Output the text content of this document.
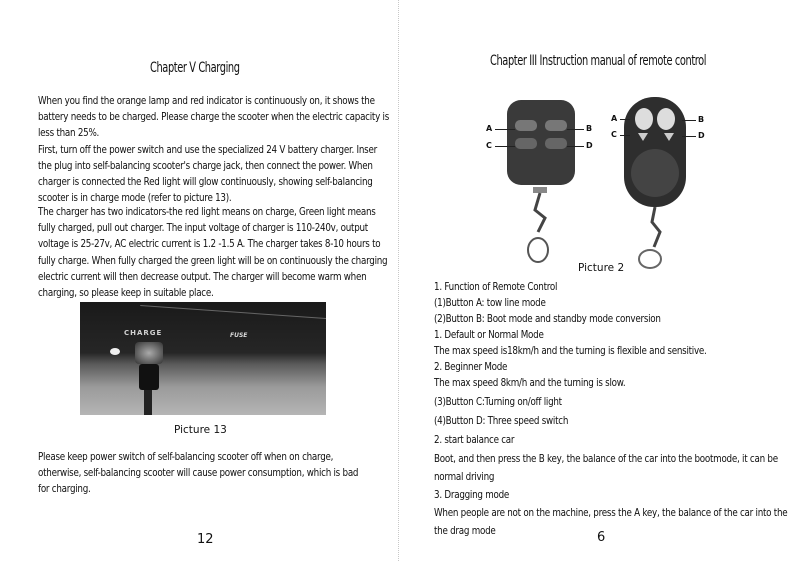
Chapter V Charging
When you find the orange lamp and red indicator is continuously on, it shows the
battery needs to be charged. Please charge the scooter when the electric capacity is
less than 25%.
First, turn off the power switch and use the specialized 24 V battery charger. Inser
the plug into self-balancing scooter's charge jack, then connect the power. When
charger is connected the Red light will glow continuously, showing self-balancing
scooter is in charge mode (refer to picture 13).
The charger has two indicators-the red light means on charge, Green light means
fully charged, pull out charger. The input voltage of charger is 110-240v, output
voltage is 25-27v, AC electric current is 1.2 -1.5 A. The charger takes 8-10 hours to
fully charge. When fully charged the green light will be on continuously the charging
electric current will then decrease output. The charger will become warm when
charging, so please keep in suitable place.
CHARGE	FUSE
Picture 13
Please keep power switch of self-balancing scooter off when on charge,
otherwise, self-balancing scooter will cause power consumption, which is bad
for charging.
12
Chapter III Instruction manual of remote control
A	B
C	D
A	B
C	D
Picture 2
1. Function of Remote Control
(1)Button A: tow line mode
(2)Button B: Boot mode and standby mode conversion
1. Default or Normal Mode
The max speed is18km/h and the turning is flexible and sensitive.
2. Beginner Mode
The max speed 8km/h and the turning is slow.
(3)Button C:Turning on/off light
(4)Button D: Three speed switch
2. start balance car
Boot, and then press the B key, the balance of the car into the bootmode, it can be
normal driving
3. Dragging mode
When people are not on the machine, press the A key, the balance of the car into the
the drag mode	6
